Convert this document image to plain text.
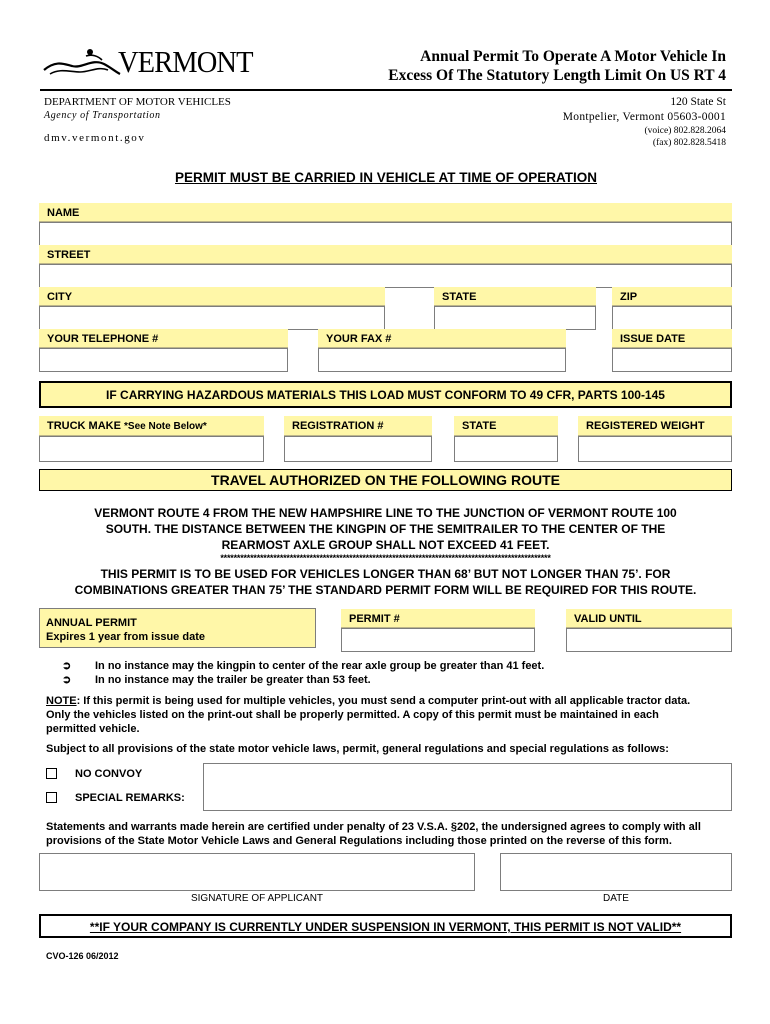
VERMONT	Annual Permit To Operate A Motor Vehicle In
Excess Of The Statutory Length Limit On US RT 4
DEPARTMENT OF MOTOR VEHICLES
Agency of Transportation
dmv.vermont.gov
120 State St
Montpelier, Vermont 05603-0001
(voice) 802.828.2064
(fax) 802.828.5418
PERMIT MUST BE CARRIED IN VEHICLE AT TIME OF OPERATION
NAME
STREET
CITY	STATE	ZIP
YOUR TELEPHONE #	YOUR FAX #	ISSUE DATE
IF CARRYING HAZARDOUS MATERIALS THIS LOAD MUST CONFORM TO 49 CFR, PARTS 100-145
TRUCK MAKE *See Note Below*	REGISTRATION #	STATE	REGISTERED WEIGHT
TRAVEL AUTHORIZED ON THE FOLLOWING ROUTE
VERMONT ROUTE 4 FROM THE NEW HAMPSHIRE LINE TO THE JUNCTION OF VERMONT ROUTE 100
SOUTH. THE DISTANCE BETWEEN THE KINGPIN OF THE SEMITRAILER TO THE CENTER OF THE
REARMOST AXLE GROUP SHALL NOT EXCEED 41 FEET.
****************************************************************************************************
THIS PERMIT IS TO BE USED FOR VEHICLES LONGER THAN 68’ BUT NOT LONGER THAN 75’. FOR
COMBINATIONS GREATER THAN 75’ THE STANDARD PERMIT FORM WILL BE REQUIRED FOR THIS ROUTE.
ANNUAL PERMIT
Expires 1 year from issue date
PERMIT #	VALID UNTIL
➲ In no instance may the kingpin to center of the rear axle group be greater than 41 feet.
➲ In no instance may the trailer be greater than 53 feet.
NOTE: If this permit is being used for multiple vehicles, you must send a computer print-out with all applicable tractor data.
Only the vehicles listed on the print-out shall be properly permitted. A copy of this permit must be maintained in each
permitted vehicle.
Subject to all provisions of the state motor vehicle laws, permit, general regulations and special regulations as follows:
NO CONVOY
SPECIAL REMARKS:
Statements and warrants made herein are certified under penalty of 23 V.S.A. §202, the undersigned agrees to comply with all
provisions of the State Motor Vehicle Laws and General Regulations including those printed on the reverse of this form.
SIGNATURE OF APPLICANT	DATE
**IF YOUR COMPANY IS CURRENTLY UNDER SUSPENSION IN VERMONT, THIS PERMIT IS NOT VALID**
CVO-126 06/2012
